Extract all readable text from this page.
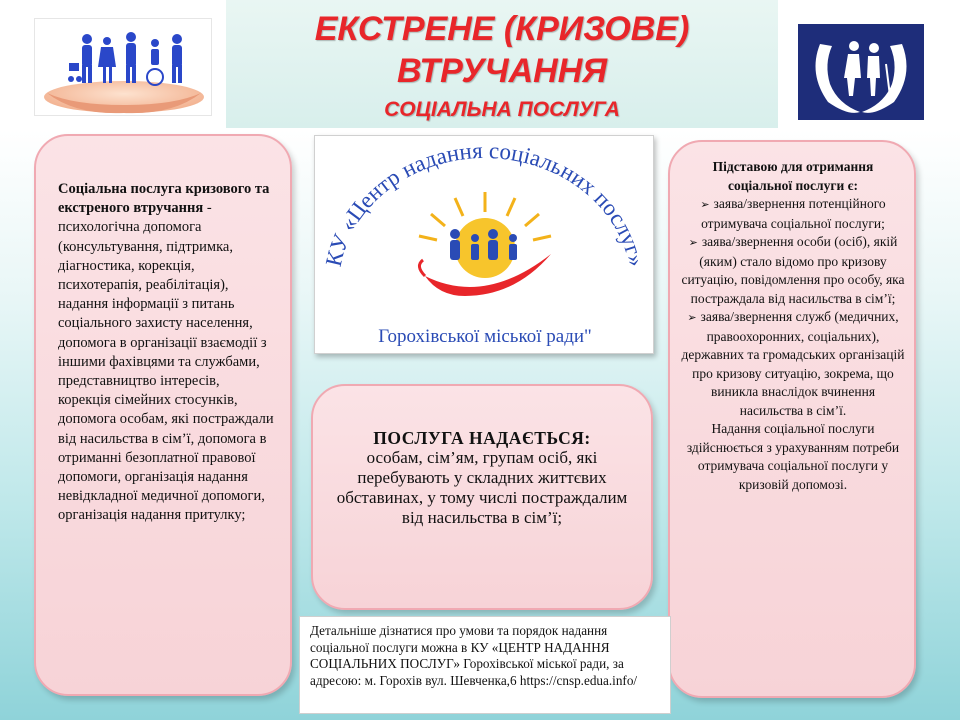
ЕКСТРЕНЕ (КРИЗОВЕ)
ВТРУЧАННЯ
СОЦІАЛЬНА ПОСЛУГА
Соціальна послуга кризового та екстреного втручання - психологічна допомога (консультування, підтримка, діагностика, корекція, психотерапія, реабілітація), надання інформації з питань соціального захисту населення, допомога в організації взаємодії з іншими фахівцями та службами, представництво інтересів, корекція сімейних стосунків, допомога особам, які постраждали від насильства в сім’ї, допомога в отриманні безоплатної правової допомоги, організація надання невідкладної медичної допомоги, організація надання притулку;
КУ «Центр надання соціальних послуг»
Горохівської міської ради"
ПОСЛУГА НАДАЄТЬСЯ:
особам, сім’ям, групам осіб, які перебувають у складних життєвих обставинах, у тому числі постраждалим від насильства в сім’ї;
Підставою для отримання соціальної послуги є:
➢ заява/звернення потенційного отримувача соціальної послуги;
➢ заява/звернення особи (осіб), якій (яким) стало відомо про кризову ситуацію, повідомлення про особу, яка постраждала від насильства в сім’ї;
➢ заява/звернення служб (медичних, правоохоронних, соціальних), державних та громадських організацій про кризову ситуацію, зокрема, що виникла внаслідок вчинення насильства в сім’ї.
Надання соціальної послуги здійснюється з урахуванням потреби отримувача соціальної послуги у кризовій допомозі.
Детальніше дізнатися про умови та порядок надання соціальної послуги можна в КУ «ЦЕНТР НАДАННЯ СОЦІАЛЬНИХ ПОСЛУГ» Горохівської міської ради, за адресою: м. Горохів вул. Шевченка,6 https://cnsp.edua.info/
